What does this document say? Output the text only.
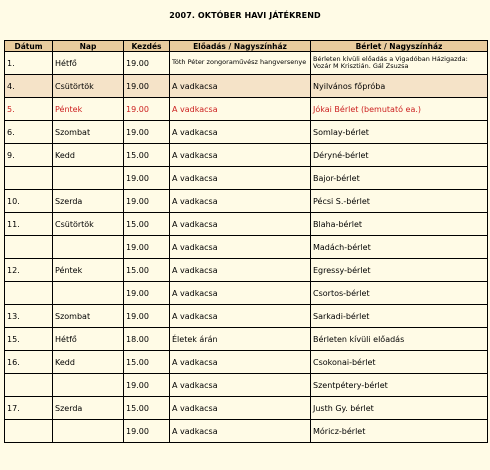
2007. OKTÓBER HAVI JÁTÉKREND
Dátum	Nap	Kezdés	Előadás / Nagyszínház	Bérlet / Nagyszínház
1.	Hétfő	19.00	Tóth Péter zongoraművész hangversenye	Bérleten kívüli előadás a Vigadóban Házigazda: Vozár M Krisztián. Gál Zsuzsa
4.	Csütörtök	19.00	A vadkacsa	Nyilvános főpróba
5.	Péntek	19.00	A vadkacsa	Jókai Bérlet (bemutató ea.)
6.	Szombat	19.00	A vadkacsa	Somlay-bérlet
9.	Kedd	15.00	A vadkacsa	Déryné-bérlet
		19.00	A vadkacsa	Bajor-bérlet
10.	Szerda	19.00	A vadkacsa	Pécsi S.-bérlet
11.	Csütörtök	15.00	A vadkacsa	Blaha-bérlet
		19.00	A vadkacsa	Madách-bérlet
12.	Péntek	15.00	A vadkacsa	Egressy-bérlet
		19.00	A vadkacsa	Csortos-bérlet
13.	Szombat	19.00	A vadkacsa	Sarkadi-bérlet
15.	Hétfő	18.00	Életek árán	Bérleten kívüli előadás
16.	Kedd	15.00	A vadkacsa	Csokonai-bérlet
		19.00	A vadkacsa	Szentpétery-bérlet
17.	Szerda	15.00	A vadkacsa	Justh Gy. bérlet
		19.00	A vadkacsa	Móricz-bérlet
